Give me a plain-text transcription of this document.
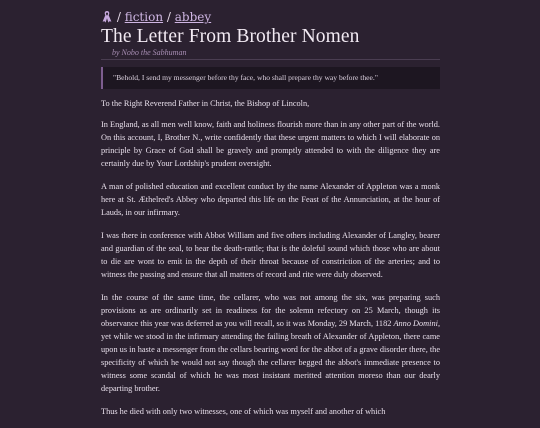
/ fiction / abbey
The Letter From Brother Nomen
by Nobo the Sabhuman
"Behold, I send my messenger before thy face, who shall prepare thy way before thee."

To the Right Reverend Father in Christ, the Bishop of Lincoln,

In England, as all men well know, faith and holiness flourish more than in any other part of the world. On this account, I, Brother N., write confidently that these urgent matters to which I will elaborate on principle by Grace of God shall be gravely and promptly attended to with the diligence they are certainly due by Your Lordship's prudent oversight.

A man of polished education and excellent conduct by the name Alexander of Appleton was a monk here at St. Æthelred's Abbey who departed this life on the Feast of the Annunciation, at the hour of Lauds, in our infirmary.

I was there in conference with Abbot William and five others including Alexander of Langley, bearer and guardian of the seal, to hear the death-rattle; that is the doleful sound which those who are about to die are wont to emit in the depth of their throat because of constriction of the arteries; and to witness the passing and ensure that all matters of record and rite were duly observed.

In the course of the same time, the cellarer, who was not among the six, was preparing such provisions as are ordinarily set in readiness for the solemn refectory on 25 March, though its observance this year was deferred as you will recall, so it was Monday, 29 March, 1182 Anno Domini, yet while we stood in the infirmary attending the failing breath of Alexander of Appleton, there came upon us in haste a messenger from the cellars bearing word for the abbot of a grave disorder there, the specificity of which he would not say though the cellarer begged the abbot's immediate presence to witness some scandal of which he was most insistant meritted attention moreso than our dearly departing brother.

Thus he died with only two witnesses, one of which was myself and another of which
